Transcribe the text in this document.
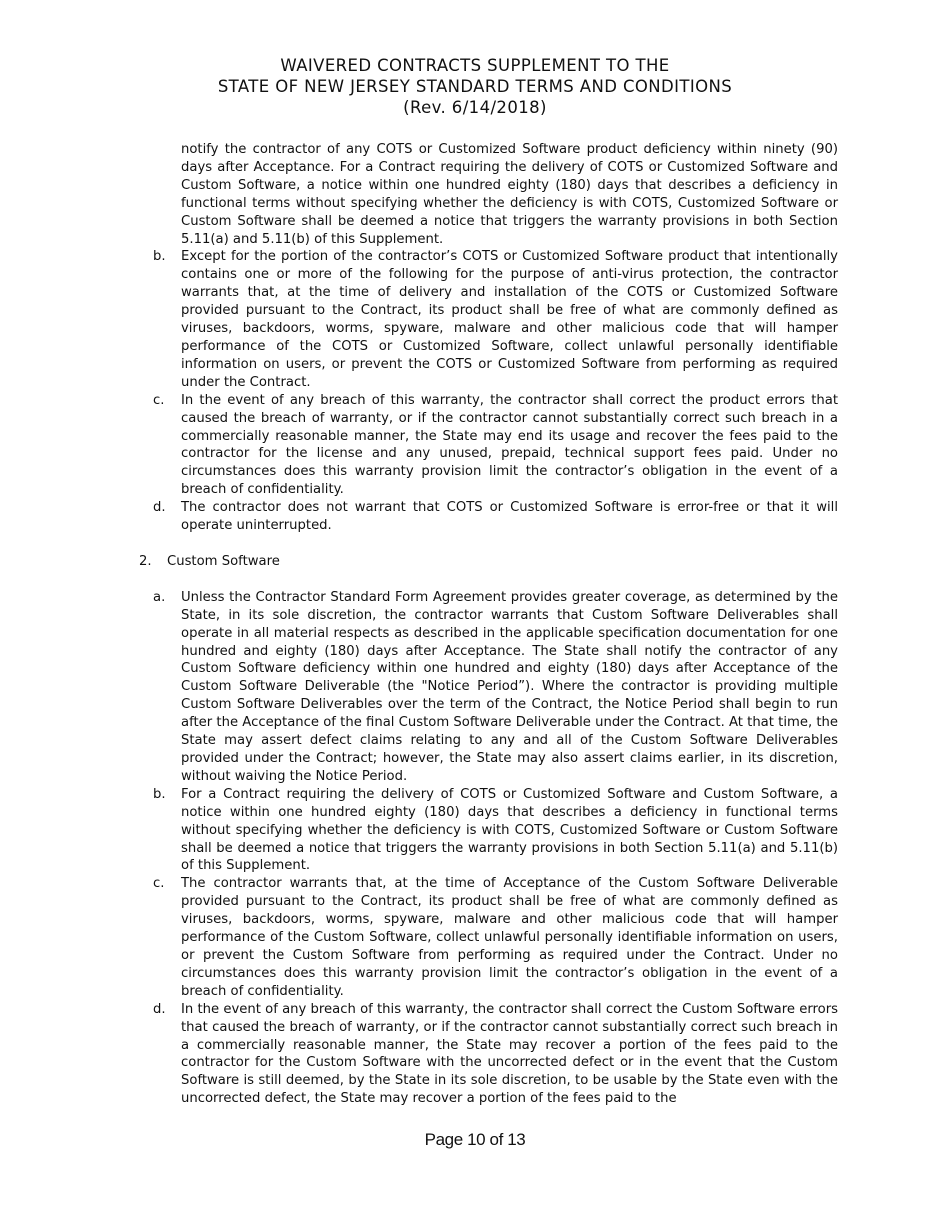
WAIVERED CONTRACTS SUPPLEMENT TO THE
STATE OF NEW JERSEY STANDARD TERMS AND CONDITIONS
(Rev. 6/14/2018)
notify the contractor of any COTS or Customized Software product deficiency within ninety (90) days after Acceptance. For a Contract requiring the delivery of COTS or Customized Software and Custom Software, a notice within one hundred eighty (180) days that describes a deficiency in functional terms without specifying whether the deficiency is with COTS, Customized Software or Custom Software shall be deemed a notice that triggers the warranty provisions in both Section 5.11(a) and 5.11(b) of this Supplement.
b. Except for the portion of the contractor’s COTS or Customized Software product that intentionally contains one or more of the following for the purpose of anti-virus protection, the contractor warrants that, at the time of delivery and installation of the COTS or Customized Software provided pursuant to the Contract, its product shall be free of what are commonly defined as viruses, backdoors, worms, spyware, malware and other malicious code that will hamper performance of the COTS or Customized Software, collect unlawful personally identifiable information on users, or prevent the COTS or Customized Software from performing as required under the Contract.
c. In the event of any breach of this warranty, the contractor shall correct the product errors that caused the breach of warranty, or if the contractor cannot substantially correct such breach in a commercially reasonable manner, the State may end its usage and recover the fees paid to the contractor for the license and any unused, prepaid, technical support fees paid. Under no circumstances does this warranty provision limit the contractor’s obligation in the event of a breach of confidentiality.
d. The contractor does not warrant that COTS or Customized Software is error-free or that it will operate uninterrupted.
2. Custom Software
a. Unless the Contractor Standard Form Agreement provides greater coverage, as determined by the State, in its sole discretion, the contractor warrants that Custom Software Deliverables shall operate in all material respects as described in the applicable specification documentation for one hundred and eighty (180) days after Acceptance. The State shall notify the contractor of any Custom Software deficiency within one hundred and eighty (180) days after Acceptance of the Custom Software Deliverable (the "Notice Period”). Where the contractor is providing multiple Custom Software Deliverables over the term of the Contract, the Notice Period shall begin to run after the Acceptance of the final Custom Software Deliverable under the Contract. At that time, the State may assert defect claims relating to any and all of the Custom Software Deliverables provided under the Contract; however, the State may also assert claims earlier, in its discretion, without waiving the Notice Period.
b. For a Contract requiring the delivery of COTS or Customized Software and Custom Software, a notice within one hundred eighty (180) days that describes a deficiency in functional terms without specifying whether the deficiency is with COTS, Customized Software or Custom Software shall be deemed a notice that triggers the warranty provisions in both Section 5.11(a) and 5.11(b) of this Supplement.
c. The contractor warrants that, at the time of Acceptance of the Custom Software Deliverable provided pursuant to the Contract, its product shall be free of what are commonly defined as viruses, backdoors, worms, spyware, malware and other malicious code that will hamper performance of the Custom Software, collect unlawful personally identifiable information on users, or prevent the Custom Software from performing as required under the Contract. Under no circumstances does this warranty provision limit the contractor’s obligation in the event of a breach of confidentiality.
d. In the event of any breach of this warranty, the contractor shall correct the Custom Software errors that caused the breach of warranty, or if the contractor cannot substantially correct such breach in a commercially reasonable manner, the State may recover a portion of the fees paid to the contractor for the Custom Software with the uncorrected defect or in the event that the Custom Software is still deemed, by the State in its sole discretion, to be usable by the State even with the uncorrected defect, the State may recover a portion of the fees paid to the
Page 10 of 13
